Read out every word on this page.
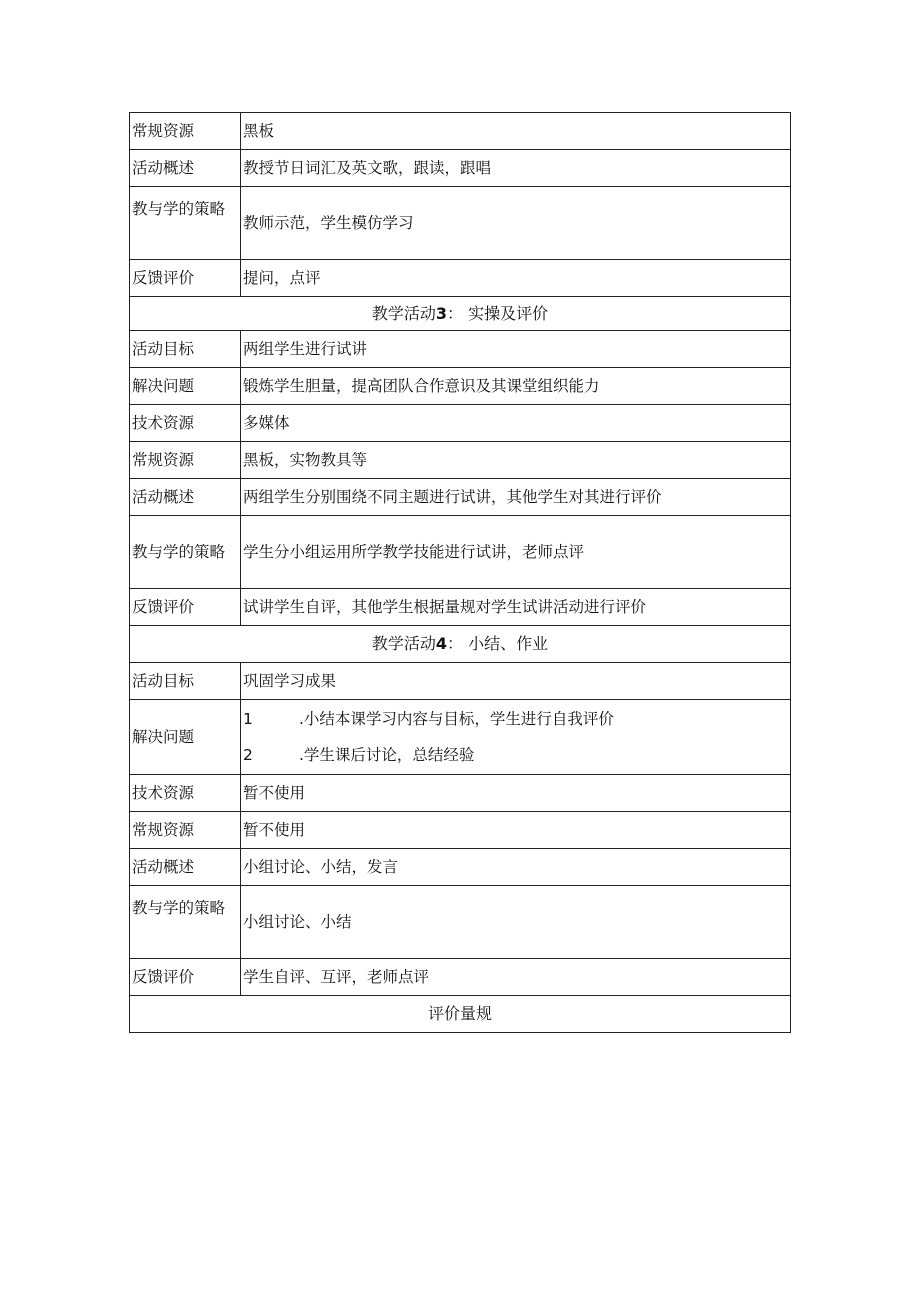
常规资源	黑板
活动概述	教授节日词汇及英文歌，跟读，跟唱
教与学的策略	教师示范，学生模仿学习
反馈评价	提问，点评
教学活动3： 实操及评价	
活动目标	两组学生进行试讲
解决问题	锻炼学生胆量，提高团队合作意识及其课堂组织能力
技术资源	多媒体
常规资源	黑板，实物教具等
活动概述	两组学生分别围绕不同主题进行试讲，其他学生对其进行评价
教与学的策略	学生分小组运用所学教学技能进行试讲，老师点评
反馈评价	试讲学生自评，其他学生根据量规对学生试讲活动进行评价
教学活动4： 小结、作业	
活动目标	巩固学习成果
解决问题	1 .小结本课学习内容与目标，学生进行自我评价
2 .学生课后讨论，总结经验

技术资源	暂不使用
常规资源	暂不使用
活动概述	小组讨论、小结，发言
教与学的策略	小组讨论、小结
反馈评价	学生自评、互评，老师点评
评价量规	
